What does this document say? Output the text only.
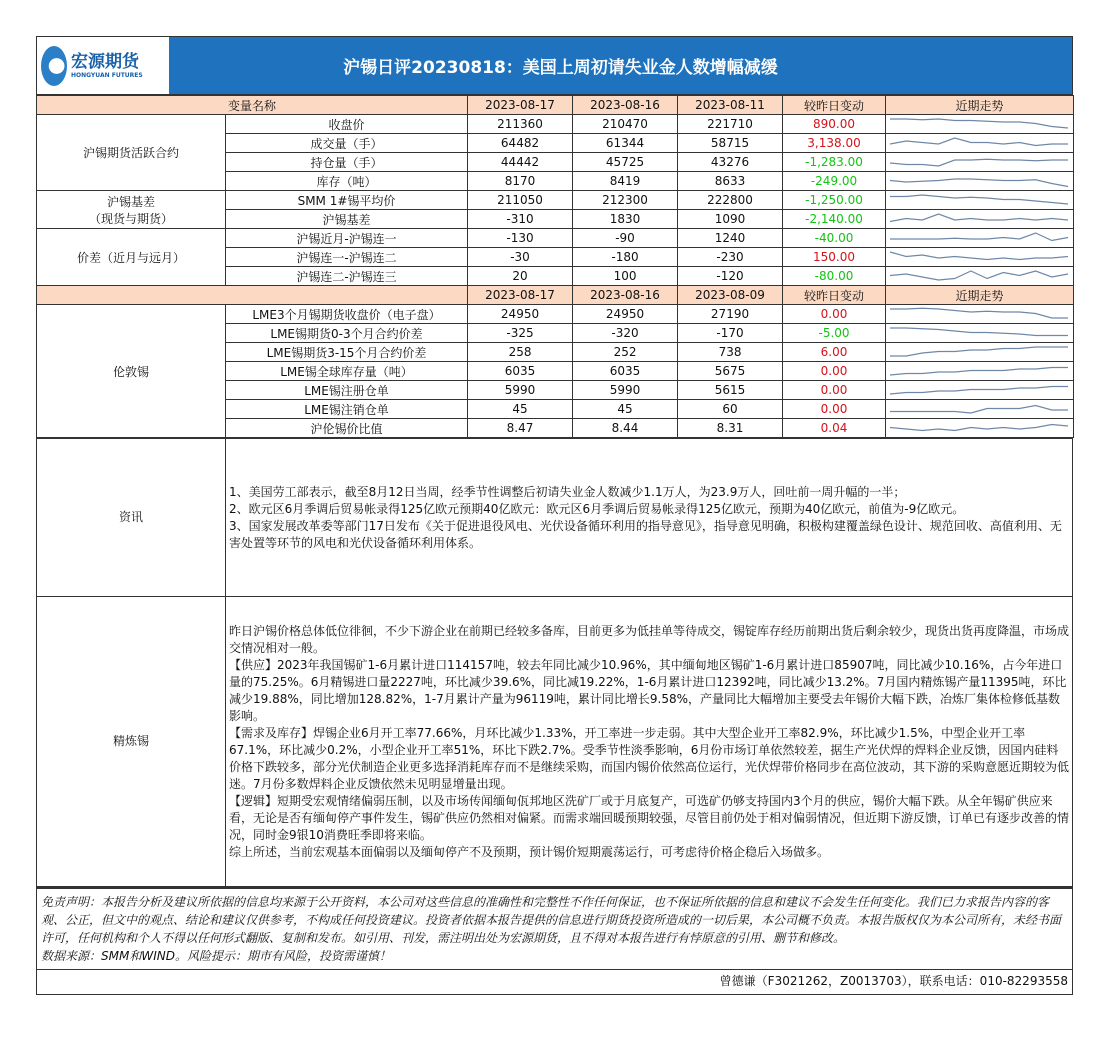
宏源期货
HONGYUAN FUTURES	沪锡日评20230818：美国上周初请失业金人数增幅减缓
变量名称		2023-08-17	2023-08-16	2023-08-11	较昨日变动	近期走势
沪锡期货活跃合约	收盘价	211360	210470	221710	890.00	

	成交量（手）	64482	61344	58715	3,138.00	

	持仓量（手）	44442	45725	43276	-1,283.00	

	库存（吨）	8170	8419	8633	-249.00	

沪锡基差
（现货与期货）	SMM 1#锡平均价	211050	212300	222800	-1,250.00	

	沪锡基差	-310	1830	1090	-2,140.00	

价差（近月与远月）	沪锡近月-沪锡连一	-130	-90	1240	-40.00	

	沪锡连一-沪锡连二	-30	-180	-230	150.00	

	沪锡连二-沪锡连三	20	100	-120	-80.00	

		2023-08-17	2023-08-16	2023-08-09	较昨日变动	近期走势
伦敦锡	LME3个月锡期货收盘价（电子盘）	24950	24950	27190	0.00	

	LME锡期货0-3个月合约价差	-325	-320	-170	-5.00	

	LME锡期货3-15个月合约价差	258	252	738	6.00	

	LME锡全球库存量（吨）	6035	6035	5675	0.00	

	LME锡注册仓单	5990	5990	5615	0.00	

	LME锡注销仓单	45	45	60	0.00	

	沪伦锡价比值	8.47	8.44	8.31	0.04	
资讯	1、美国劳工部表示，截至8月12日当周，经季节性调整后初请失业金人数减少1.1万人，为23.9万人，回吐前一周升幅的一半；
2、欧元区6月季调后贸易帐录得125亿欧元预期40亿欧元：欧元区6月季调后贸易帐录得125亿欧元，预期为40亿欧元，前值为-9亿欧元。
3、国家发展改革委等部门17日发布《关于促进退役风电、光伏设备循环利用的指导意见》，指导意见明确，积极构建覆盖绿色设计、规范回收、高值利用、无害处置等环节的风电和光伏设备循环利用体系。

精炼锡	昨日沪锡价格总体低位徘徊，不少下游企业在前期已经较多备库，目前更多为低挂单等待成交，锡锭库存经历前期出货后剩余较少，现货出货再度降温，市场成交情况相对一般。
【供应】2023年我国锡矿1-6月累计进口114157吨，较去年同比减少10.96%，其中缅甸地区锡矿1-6月累计进口85907吨，同比减少10.16%，占今年进口量的75.25%。6月精锡进口量2227吨，环比减少39.6%，同比减19.22%，1-6月累计进口12392吨，同比减少13.2%。7月国内精炼锡产量11395吨，环比减少19.88%，同比增加128.82%，1-7月累计产量为96119吨，累计同比增长9.58%，产量同比大幅增加主要受去年锡价大幅下跌，冶炼厂集体检修低基数影响。
【需求及库存】焊锡企业6月开工率77.66%，月环比减少1.33%，开工率进一步走弱。其中大型企业开工率82.9%，环比减少1.5%，中型企业开工率67.1%，环比减少0.2%，小型企业开工率51%，环比下跌2.7%。受季节性淡季影响，6月份市场订单依然较差，据生产光伏焊的焊料企业反馈，因国内硅料价格下跌较多，部分光伏制造企业更多选择消耗库存而不是继续采购，而国内锡价依然高位运行，光伏焊带价格同步在高位波动，其下游的采购意愿近期较为低迷。7月份多数焊料企业反馈依然未见明显增量出现。
【逻辑】短期受宏观情绪偏弱压制，以及市场传闻缅甸佤邦地区洗矿厂或于月底复产，可选矿仍够支持国内3个月的供应，锡价大幅下跌。从全年锡矿供应来看，无论是否有缅甸停产事件发生，锡矿供应仍然相对偏紧。而需求端回暖预期较强，尽管目前仍处于相对偏弱情况，但近期下游反馈，订单已有逐步改善的情况，同时金9银10消费旺季即将来临。
综上所述，当前宏观基本面偏弱以及缅甸停产不及预期，预计锡价短期震荡运行，可考虑待价格企稳后入场做多。
免责声明：本报告分析及建议所依据的信息均来源于公开资料，本公司对这些信息的准确性和完整性不作任何保证，也不保证所依据的信息和建议不会发生任何变化。我们已力求报告内容的客观、公正，但文中的观点、结论和建议仅供参考，不构成任何投资建议。投资者依据本报告提供的信息进行期货投资所造成的一切后果，本公司概不负责。本报告版权仅为本公司所有，未经书面许可，任何机构和个人不得以任何形式翻版、复制和发布。如引用、刊发，需注明出处为宏源期货，且不得对本报告进行有悖原意的引用、删节和修改。
数据来源：SMM和WIND。风险提示：期市有风险，投资需谨慎！
曾德谦（F3021262，Z0013703），联系电话：010-82293558
